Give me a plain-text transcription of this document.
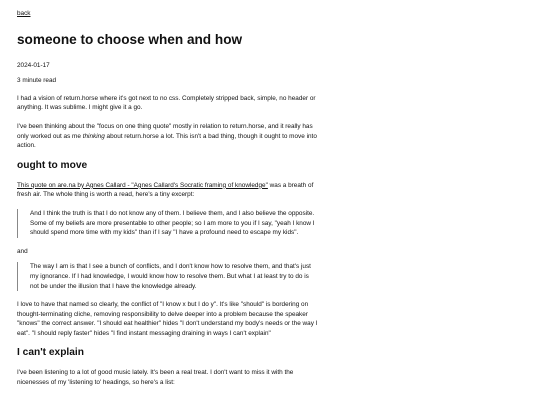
back
someone to choose when and how

2024-01-17

3 minute read

I had a vision of return.horse where it's got next to no css. Completely stripped back, simple, no header or anything. It was sublime. I might give it a go.

I've been thinking about the "focus on one thing quote" mostly in relation to return.horse, and it really has only worked out as me thinking about return.horse a lot. This isn't a bad thing, though it ought to move into action.

ought to move

This quote on are.na by Agnes Callard - "Agnes Callard's Socratic framing of knowledge" was a breath of fresh air. The whole thing is worth a read, here's a tiny excerpt:

And I think the truth is that I do not know any of them. I believe them, and I also believe the opposite. Some of my beliefs are more presentable to other people; so I am more to you if I say, "yeah I know I should spend more time with my kids" than if I say "I have a profound need to escape my kids".

and

The way I am is that I see a bunch of conflicts, and I don't know how to resolve them, and that's just my ignorance. If I had knowledge, I would know how to resolve them. But what I at least try to do is not be under the illusion that I have the knowledge already.

I love to have that named so clearly, the conflict of "I know x but I do y". It's like "should" is bordering on thought-terminating cliche, removing responsibility to delve deeper into a problem because the speaker "knows" the correct answer. "I should eat healthier" hides "I don't understand my body's needs or the way I eat". "I should reply faster" hides "I find instant messaging draining in ways I can't explain"

I can't explain

I've been listening to a lot of good music lately. It's been a real treat. I don't want to miss it with the nicenesses of my 'listening to' headings, so here's a list:
